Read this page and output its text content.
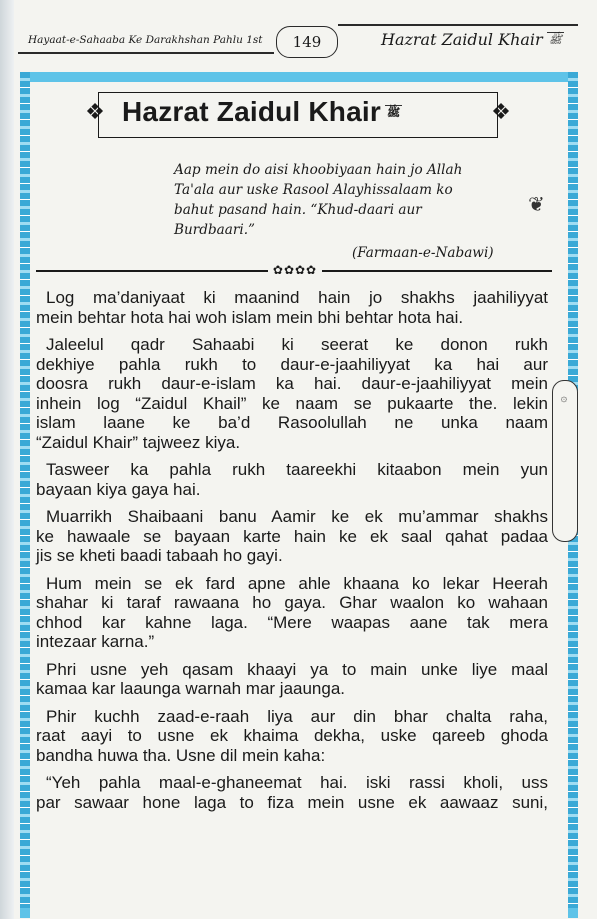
Hayaat-e-Sahaaba Ke Darakhshan Pahlu 1st	149	Hazrat Zaidul Khair ﷺ
❖	❖
Hazrat Zaidul Khair ﷺ
Aap mein do aisi khoobiyaan hain jo Allah
Ta'ala aur uske Rasool Alayhissalaam ko
bahut pasand hain. “Khud-daari aur
Burdbaari.”
(Farmaan-e-Nabawi)
❦
✿✿✿✿
۞

Log ma’daniyaat ki maanind hain jo shakhs jaahiliyyat
mein behtar hota hai woh islam mein bhi behtar hota hai.

Jaleelul qadr Sahaabi ki seerat ke donon rukh
dekhiye pahla rukh to daur-e-jaahiliyyat ka hai aur
doosra rukh daur-e-islam ka hai. daur-e-jaahiliyyat mein
inhein log “Zaidul Khail” ke naam se pukaarte the. lekin
islam laane ke ba’d Rasoolullah ne unka naam
“Zaidul Khair” tajweez kiya.

Tasweer ka pahla rukh taareekhi kitaabon mein yun
bayaan kiya gaya hai.

Muarrikh Shaibaani banu Aamir ke ek mu’ammar shakhs
ke hawaale se bayaan karte hain ke ek saal qahat padaa
jis se kheti baadi tabaah ho gayi.

Hum mein se ek fard apne ahle khaana ko lekar Heerah
shahar ki taraf rawaana ho gaya. Ghar waalon ko wahaan
chhod kar kahne laga. “Mere waapas aane tak mera
intezaar karna.”

Phri usne yeh qasam khaayi ya to main unke liye maal
kamaa kar laaunga warnah mar jaaunga.

Phir kuchh zaad-e-raah liya aur din bhar chalta raha,
raat aayi to usne ek khaima dekha, uske qareeb ghoda
bandha huwa tha. Usne dil mein kaha:

“Yeh pahla maal-e-ghaneemat hai. iski rassi kholi, uss
par sawaar hone laga to fiza mein usne ek aawaaz suni,
